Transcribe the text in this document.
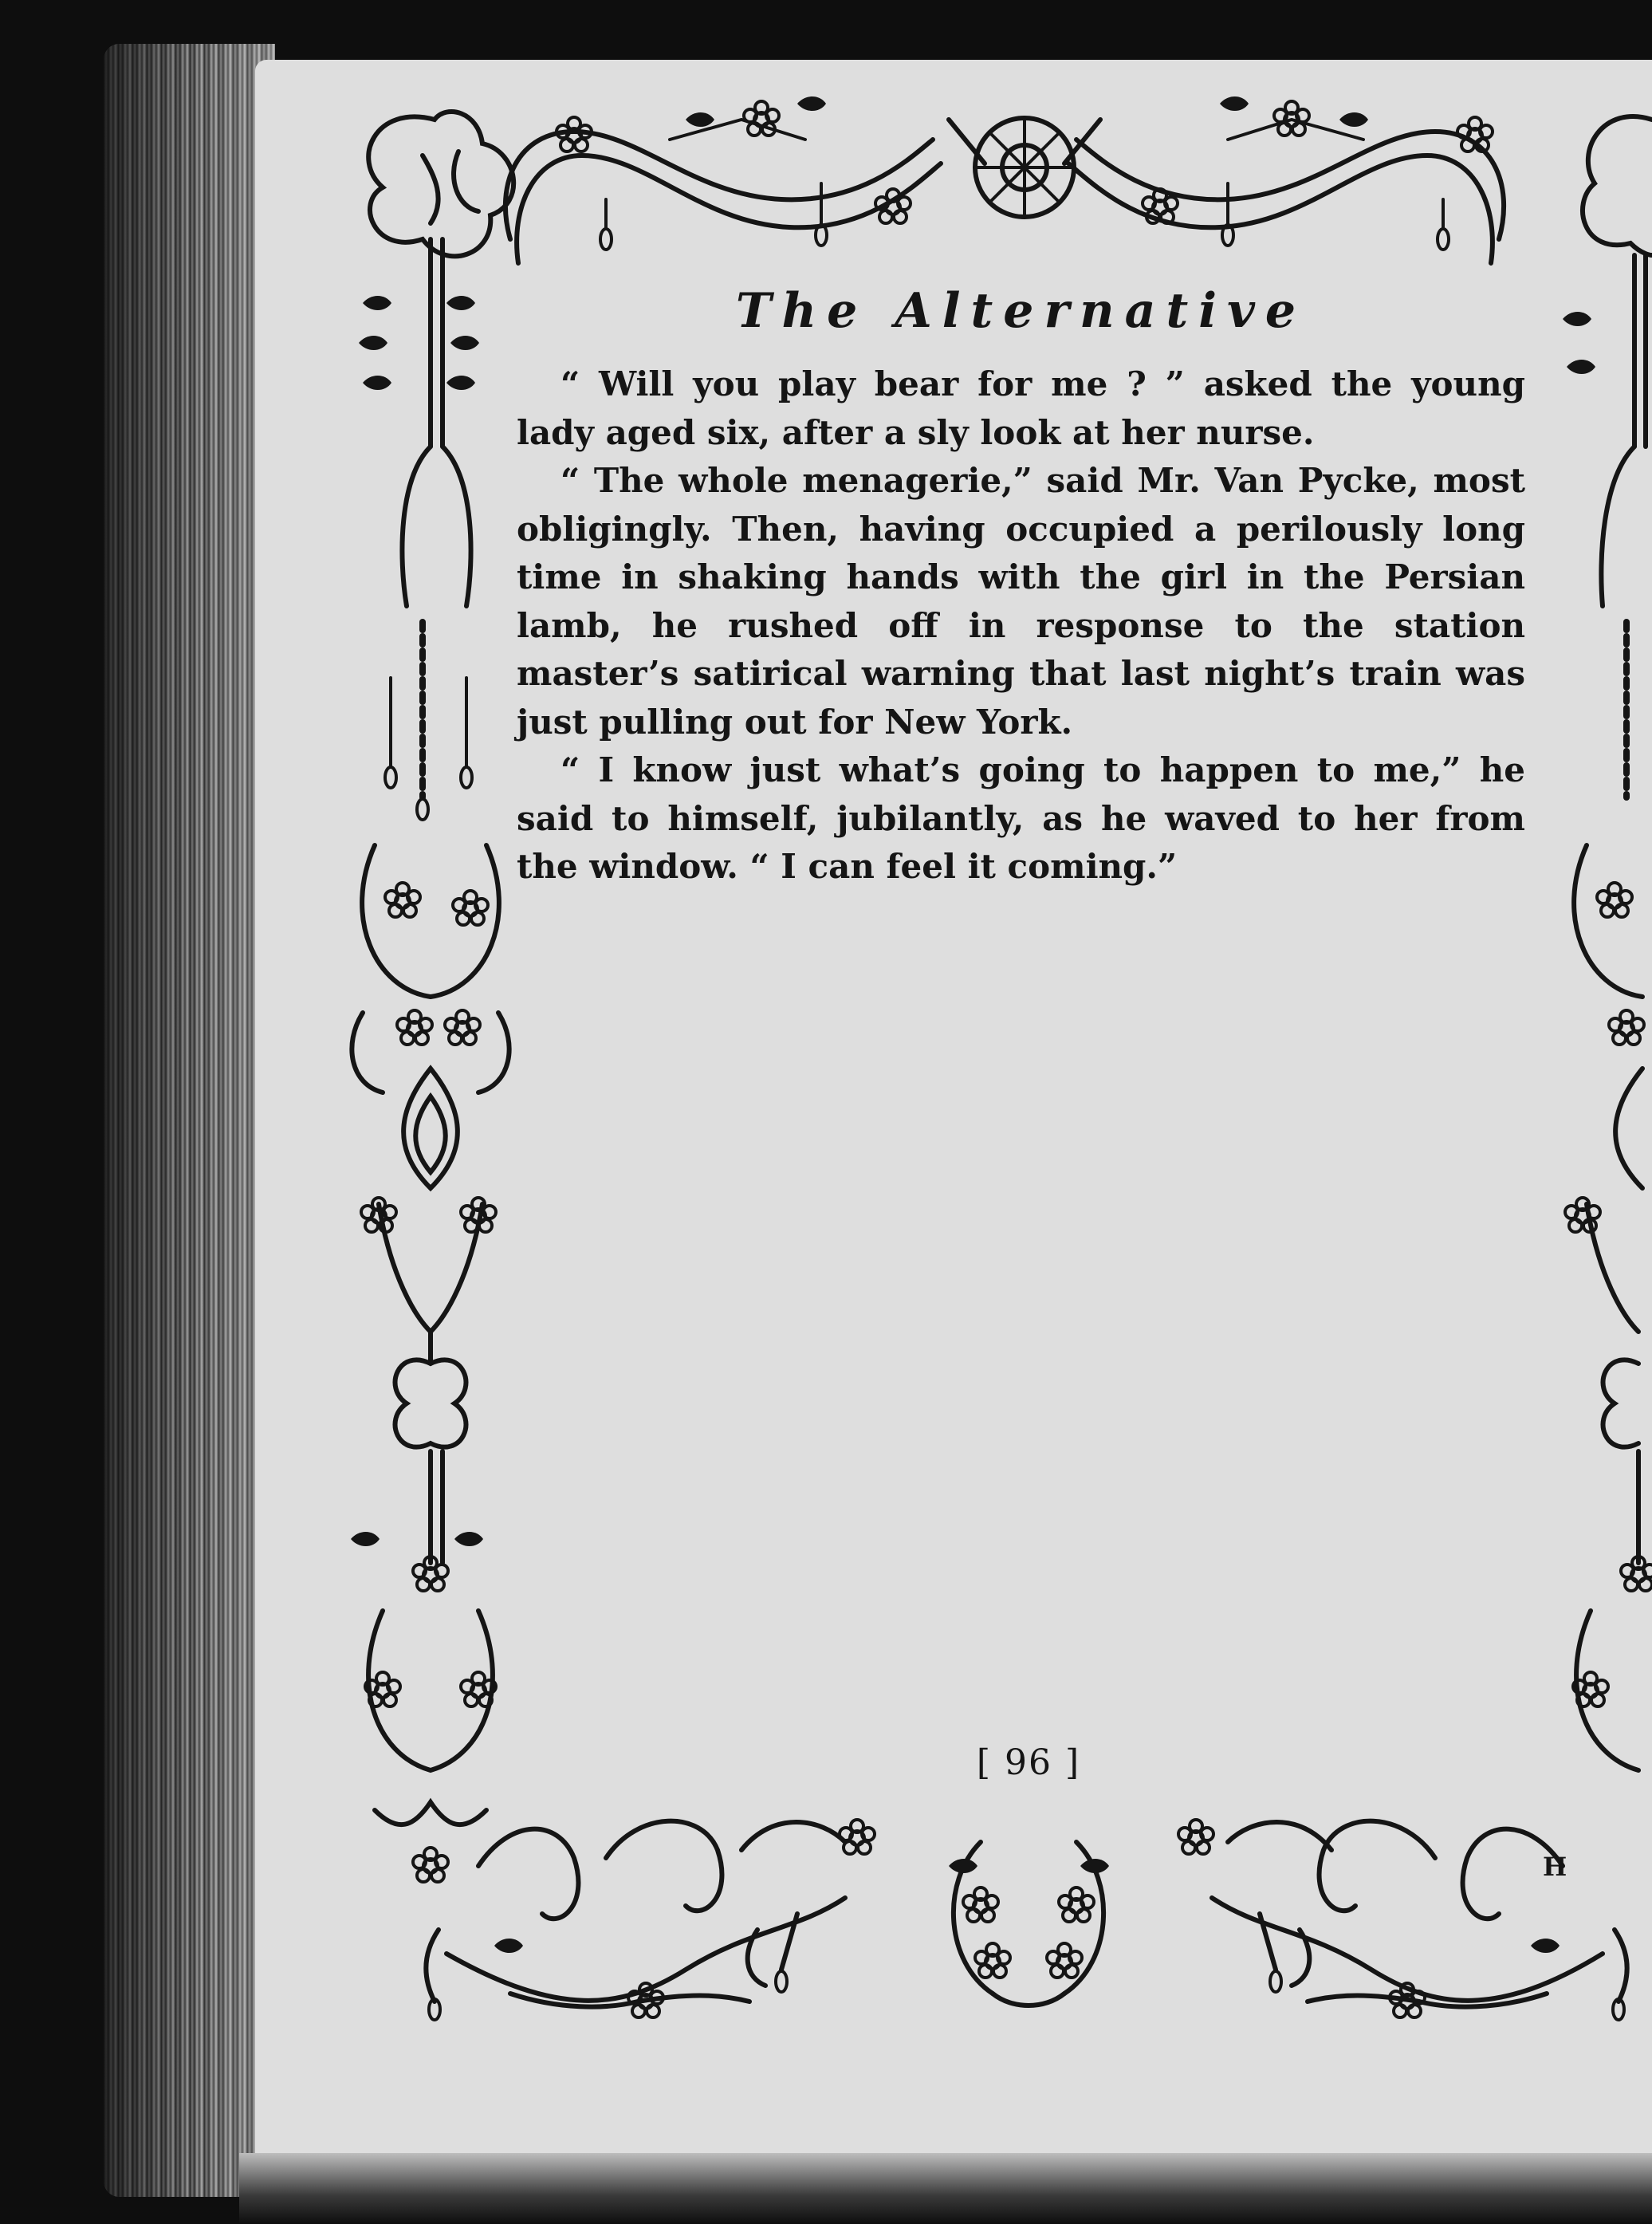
The Alternative

“ Will you play bear for me ? ” asked the young lady aged six, after a sly look at her nurse.

“ The whole menagerie,” said Mr. Van Pycke, most obligingly. Then, having occupied a perilously long time in shaking hands with the girl in the Persian lamb, he rushed off in response to the station master’s satirical warning that last night’s train was just pulling out for New York.

“ I know just what’s going to happen to me,” he said to himself, jubilantly, as he waved to her from the window. “ I can feel it coming.”

[ 96 ]
H
